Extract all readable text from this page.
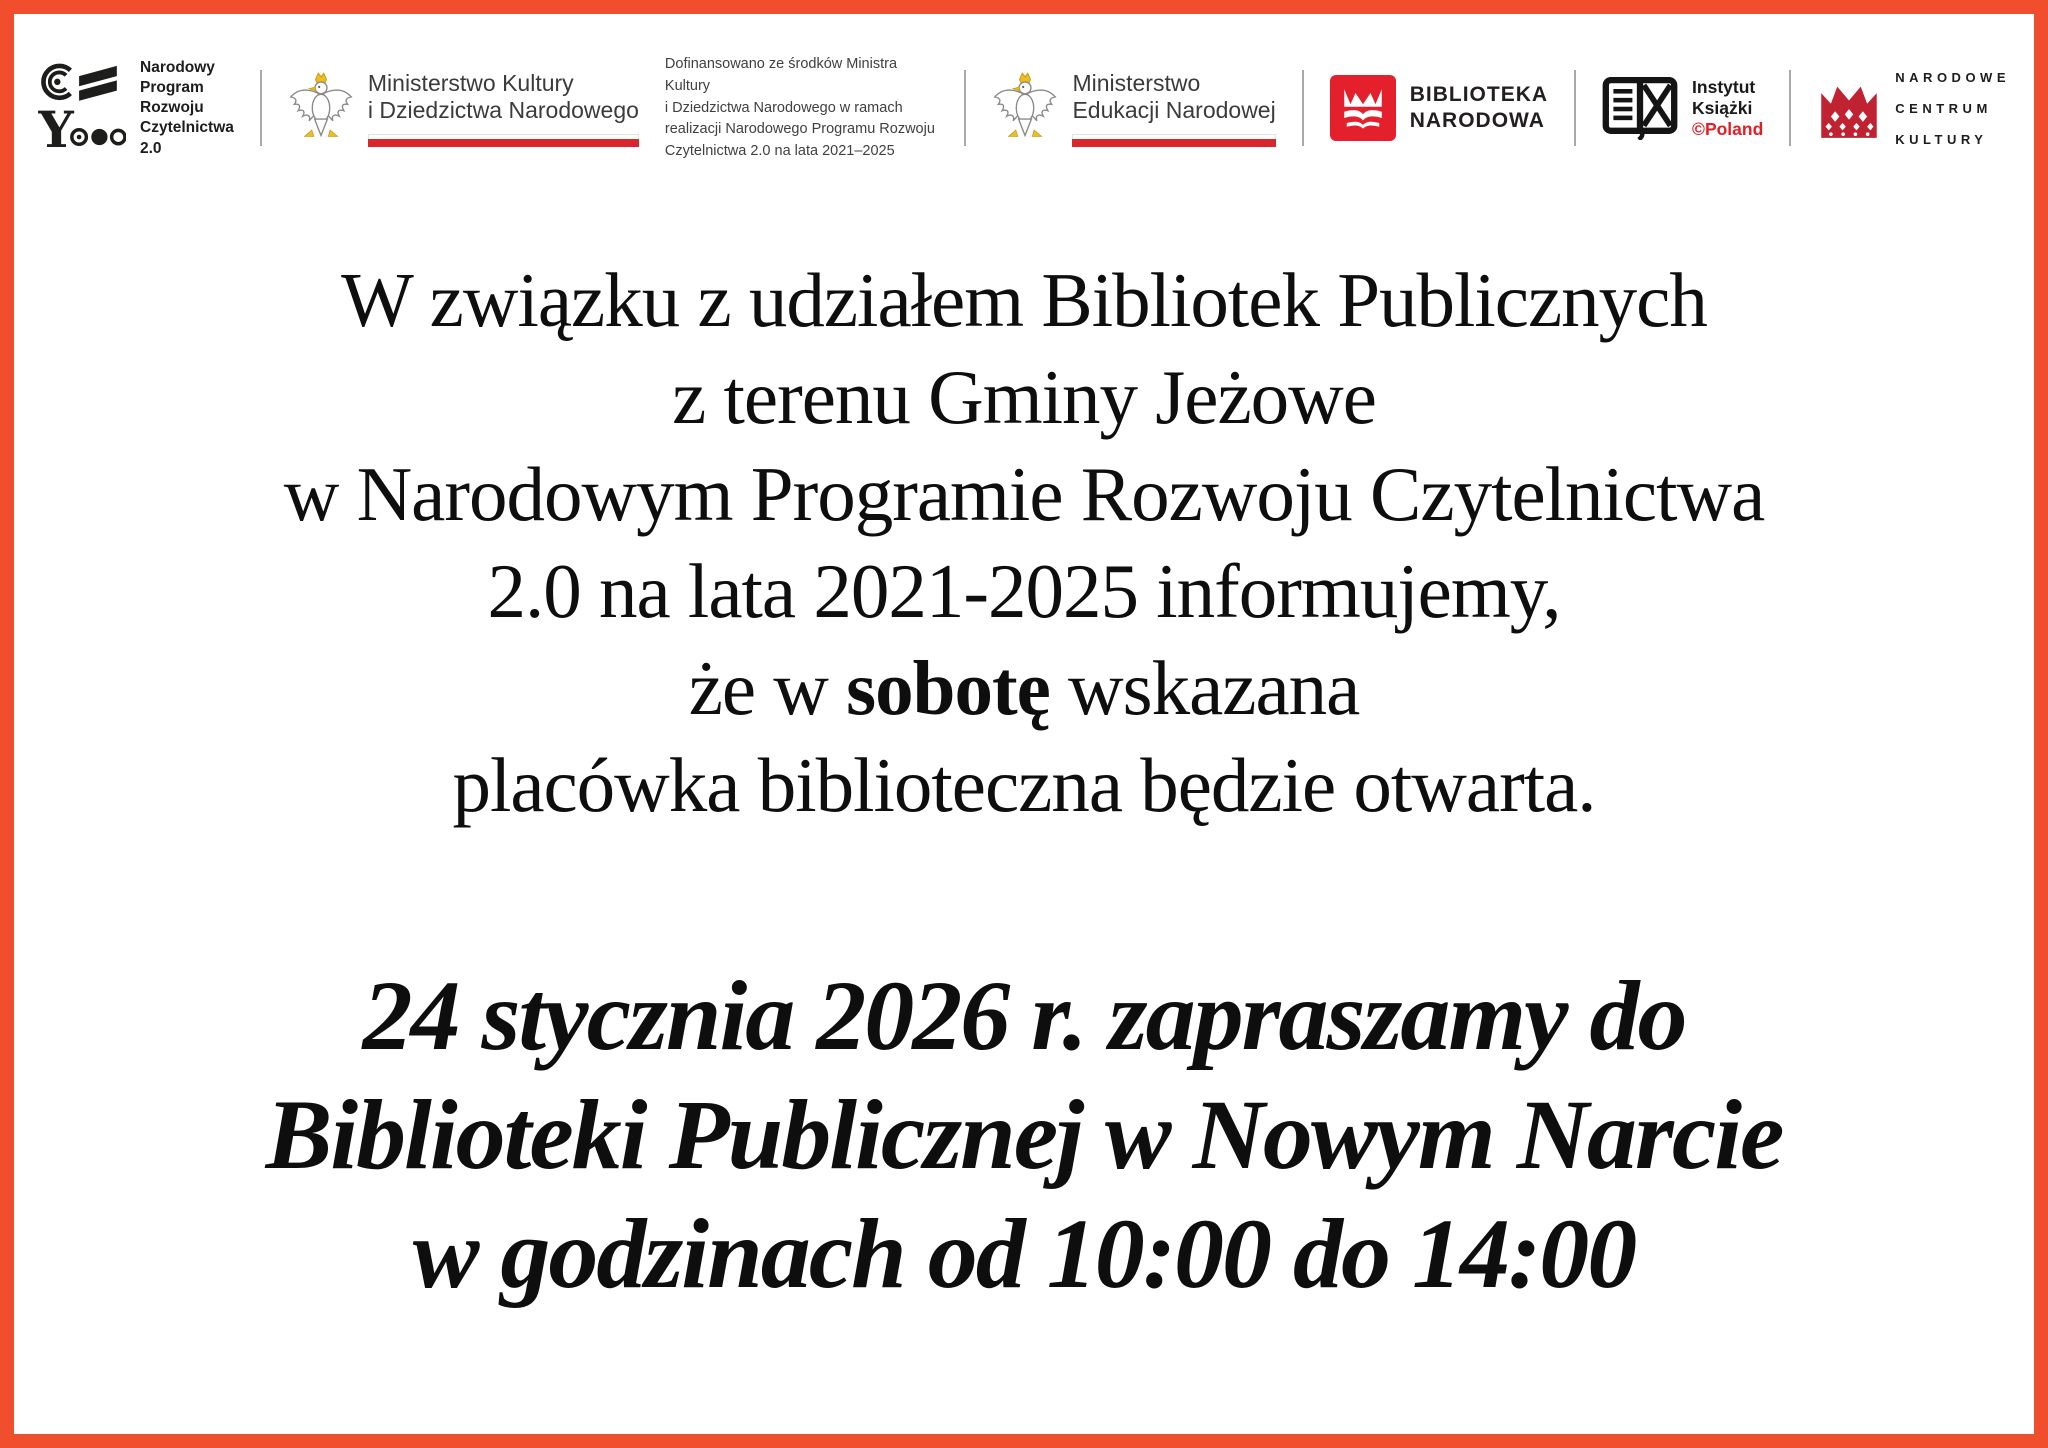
Y
Narodowy
Program
Rozwoju
Czytelnictwa
2.0
Ministerstwo Kultury
i Dziedzictwa Narodowego
Dofinansowano ze środków Ministra Kultury
i Dziedzictwa Narodowego w ramach
realizacji Narodowego Programu Rozwoju
Czytelnictwa 2.0 na lata 2021–2025
Ministerstwo
Edukacji Narodowej
BIBLIOTEKA
NARODOWA
Instytut
Książki
©Poland
NARODOWE
CENTRUM
KULTURY
W związku z udziałem Bibliotek Publicznych
z terenu Gminy Jeżowe
w Narodowym Programie Rozwoju Czytelnictwa
2.0 na lata 2021-2025 informujemy,
że w sobotę wskazana
placówka biblioteczna będzie otwarta.
24 stycznia 2026 r. zapraszamy do
Biblioteki Publicznej w Nowym Narcie
w godzinach od 10:00 do 14:00
